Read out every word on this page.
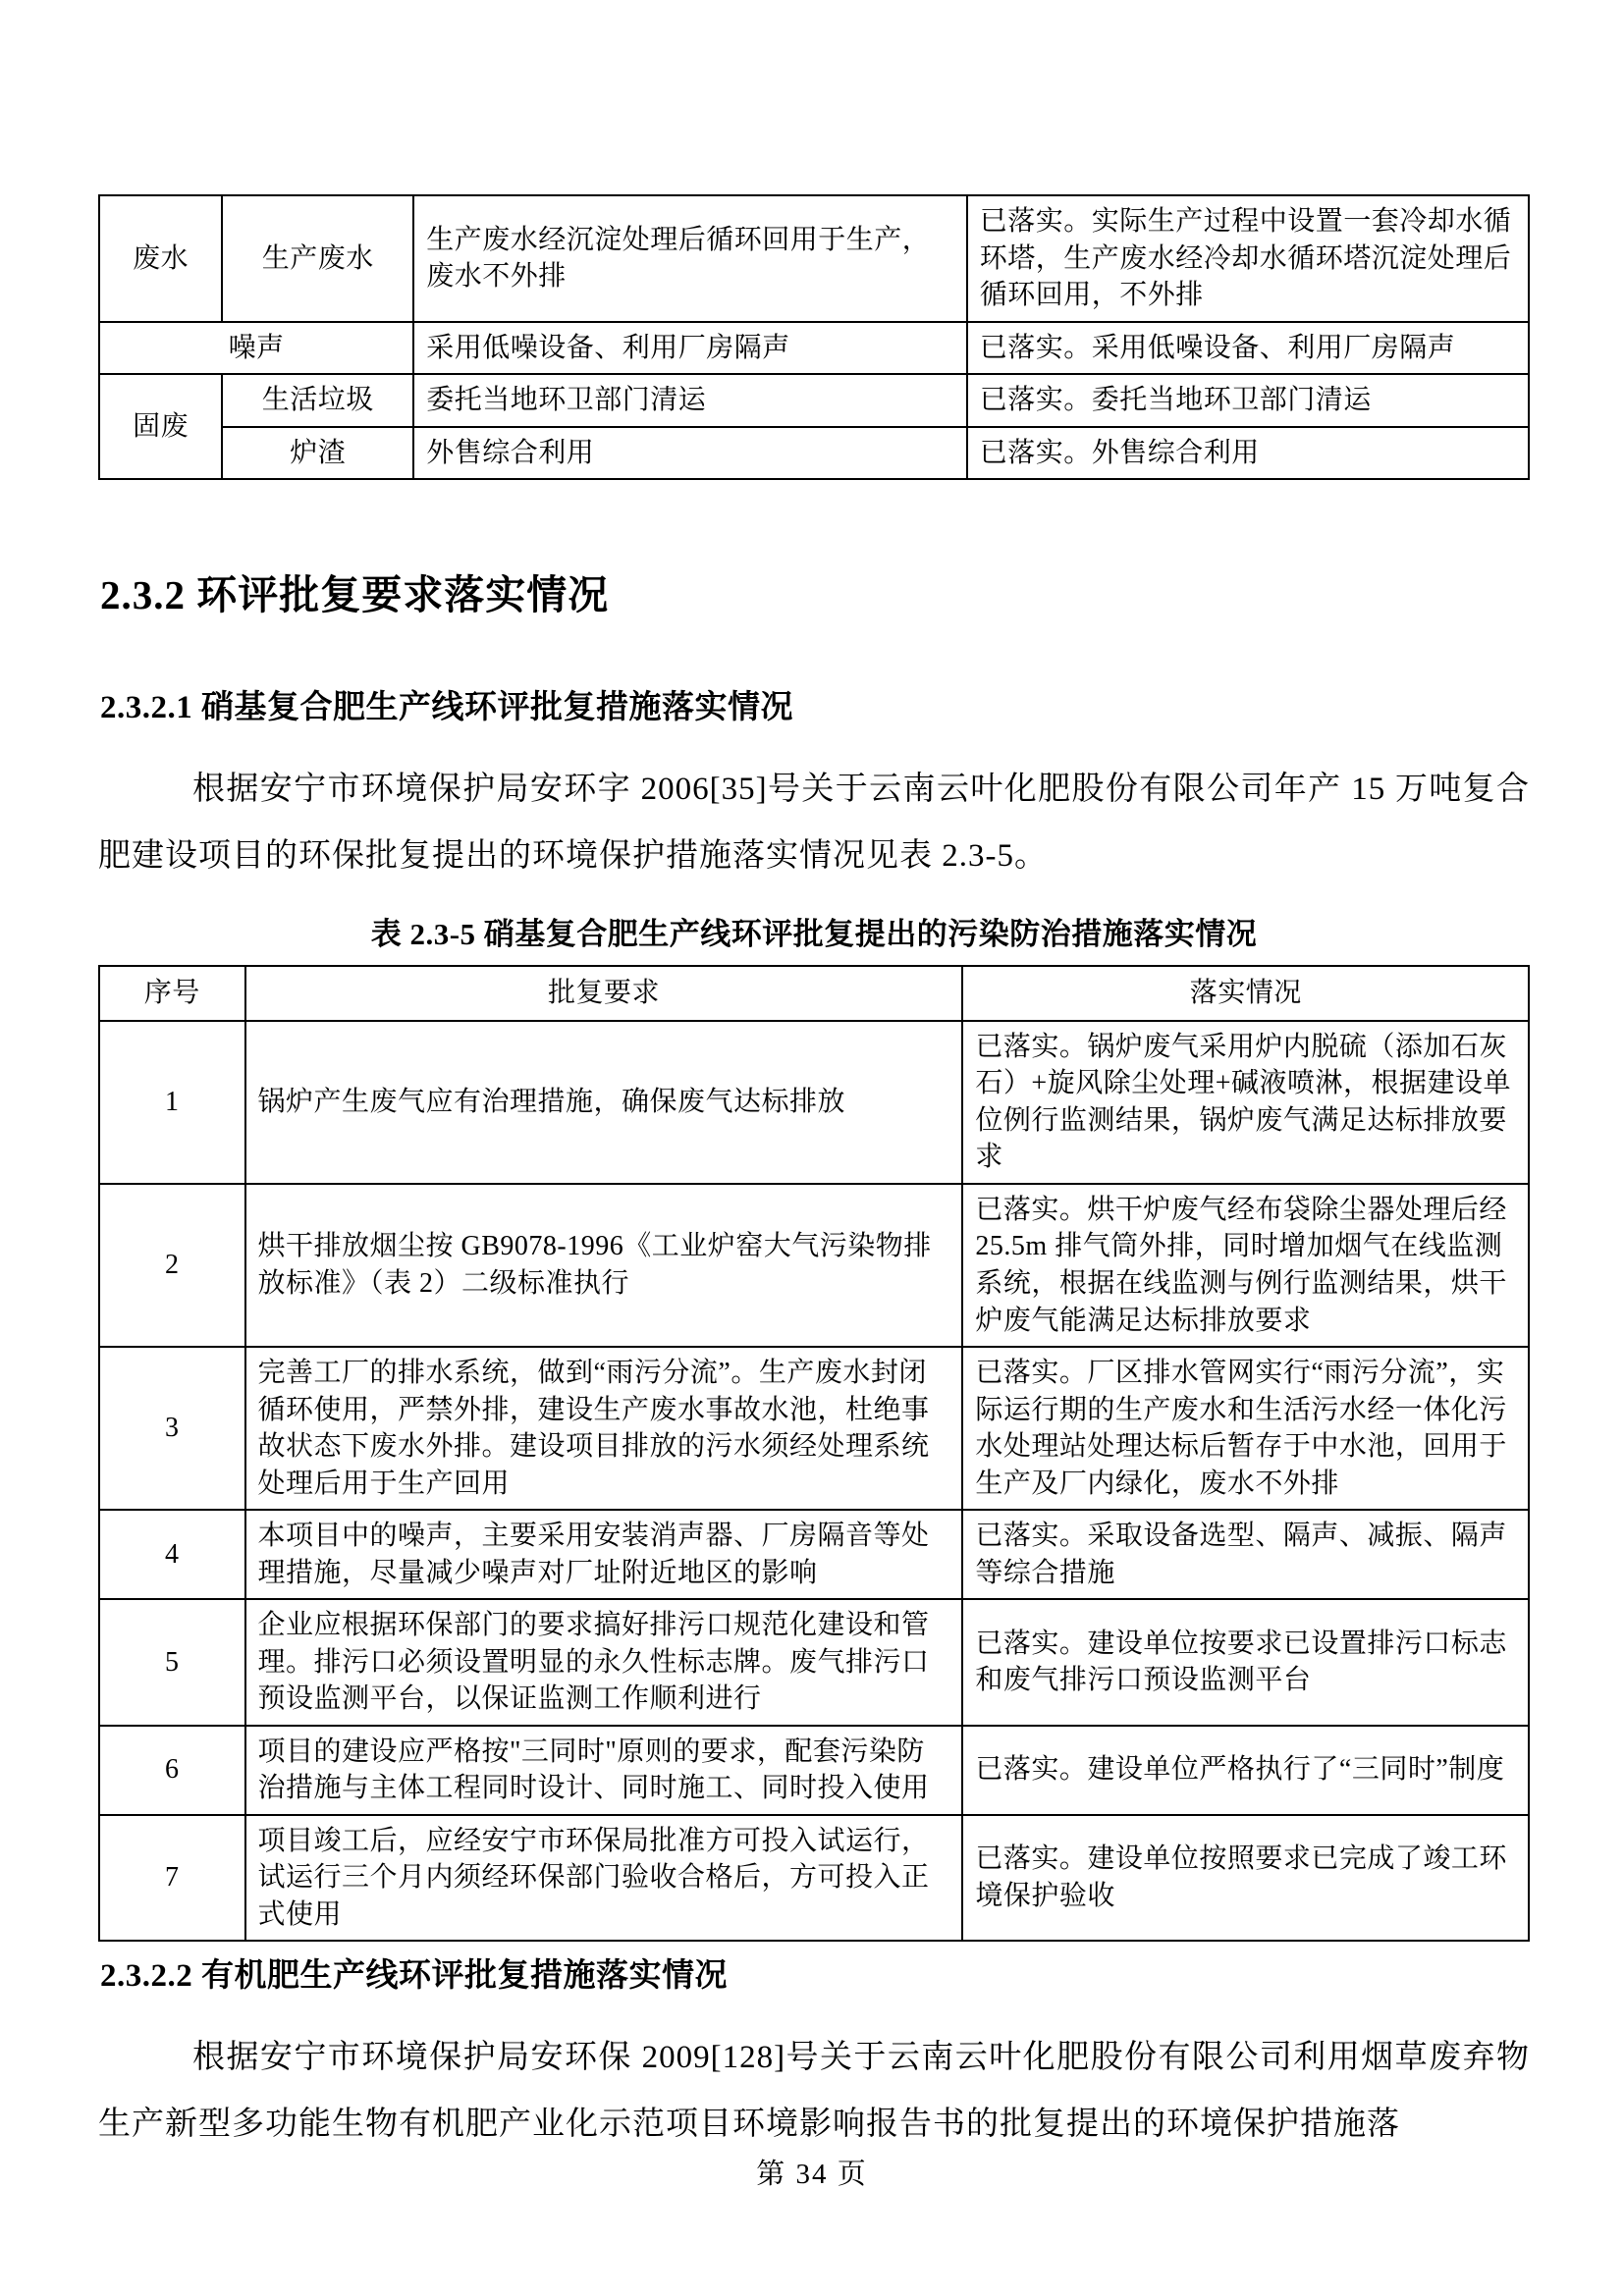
废水	生产废水	生产废水经沉淀处理后循环回用于生产，废水不外排	已落实。实际生产过程中设置一套冷却水循环塔，生产废水经冷却水循环塔沉淀处理后循环回用，不外排
噪声		采用低噪设备、利用厂房隔声	已落实。采用低噪设备、利用厂房隔声
固废	生活垃圾	委托当地环卫部门清运	已落实。委托当地环卫部门清运
	炉渣	外售综合利用	已落实。外售综合利用
2.3.2 环评批复要求落实情况
2.3.2.1 硝基复合肥生产线环评批复措施落实情况

根据安宁市环境保护局安环字 2006[35]号关于云南云叶化肥股份有限公司年产 15 万吨复合肥建设项目的环保批复提出的环境保护措施落实情况见表 2.3-5。

表 2.3-5 硝基复合肥生产线环评批复提出的污染防治措施落实情况
序号	批复要求	落实情况
1	锅炉产生废气应有治理措施，确保废气达标排放	已落实。锅炉废气采用炉内脱硫（添加石灰石）+旋风除尘处理+碱液喷淋，根据建设单位例行监测结果，锅炉废气满足达标排放要求
2	烘干排放烟尘按 GB9078-1996《工业炉窑大气污染物排放标准》（表 2）二级标准执行	已落实。烘干炉废气经布袋除尘器处理后经25.5m 排气筒外排，同时增加烟气在线监测系统，根据在线监测与例行监测结果，烘干炉废气能满足达标排放要求
3	完善工厂的排水系统，做到“雨污分流”。生产废水封闭循环使用，严禁外排，建设生产废水事故水池，杜绝事故状态下废水外排。建设项目排放的污水须经处理系统处理后用于生产回用	已落实。厂区排水管网实行“雨污分流”，实际运行期的生产废水和生活污水经一体化污水处理站处理达标后暂存于中水池，回用于生产及厂内绿化，废水不外排
4	本项目中的噪声，主要采用安装消声器、厂房隔音等处理措施，尽量减少噪声对厂址附近地区的影响	已落实。采取设备选型、隔声、减振、隔声等综合措施
5	企业应根据环保部门的要求搞好排污口规范化建设和管理。排污口必须设置明显的永久性标志牌。废气排污口预设监测平台，以保证监测工作顺利进行	已落实。建设单位按要求已设置排污口标志和废气排污口预设监测平台
6	项目的建设应严格按"三同时"原则的要求，配套污染防治措施与主体工程同时设计、同时施工、同时投入使用	已落实。建设单位严格执行了“三同时”制度
7	项目竣工后，应经安宁市环保局批准方可投入试运行，试运行三个月内须经环保部门验收合格后，方可投入正式使用	已落实。建设单位按照要求已完成了竣工环境保护验收
2.3.2.2 有机肥生产线环评批复措施落实情况

根据安宁市环境保护局安环保 2009[128]号关于云南云叶化肥股份有限公司利用烟草废弃物生产新型多功能生物有机肥产业化示范项目环境影响报告书的批复提出的环境保护措施落

第 34 页
